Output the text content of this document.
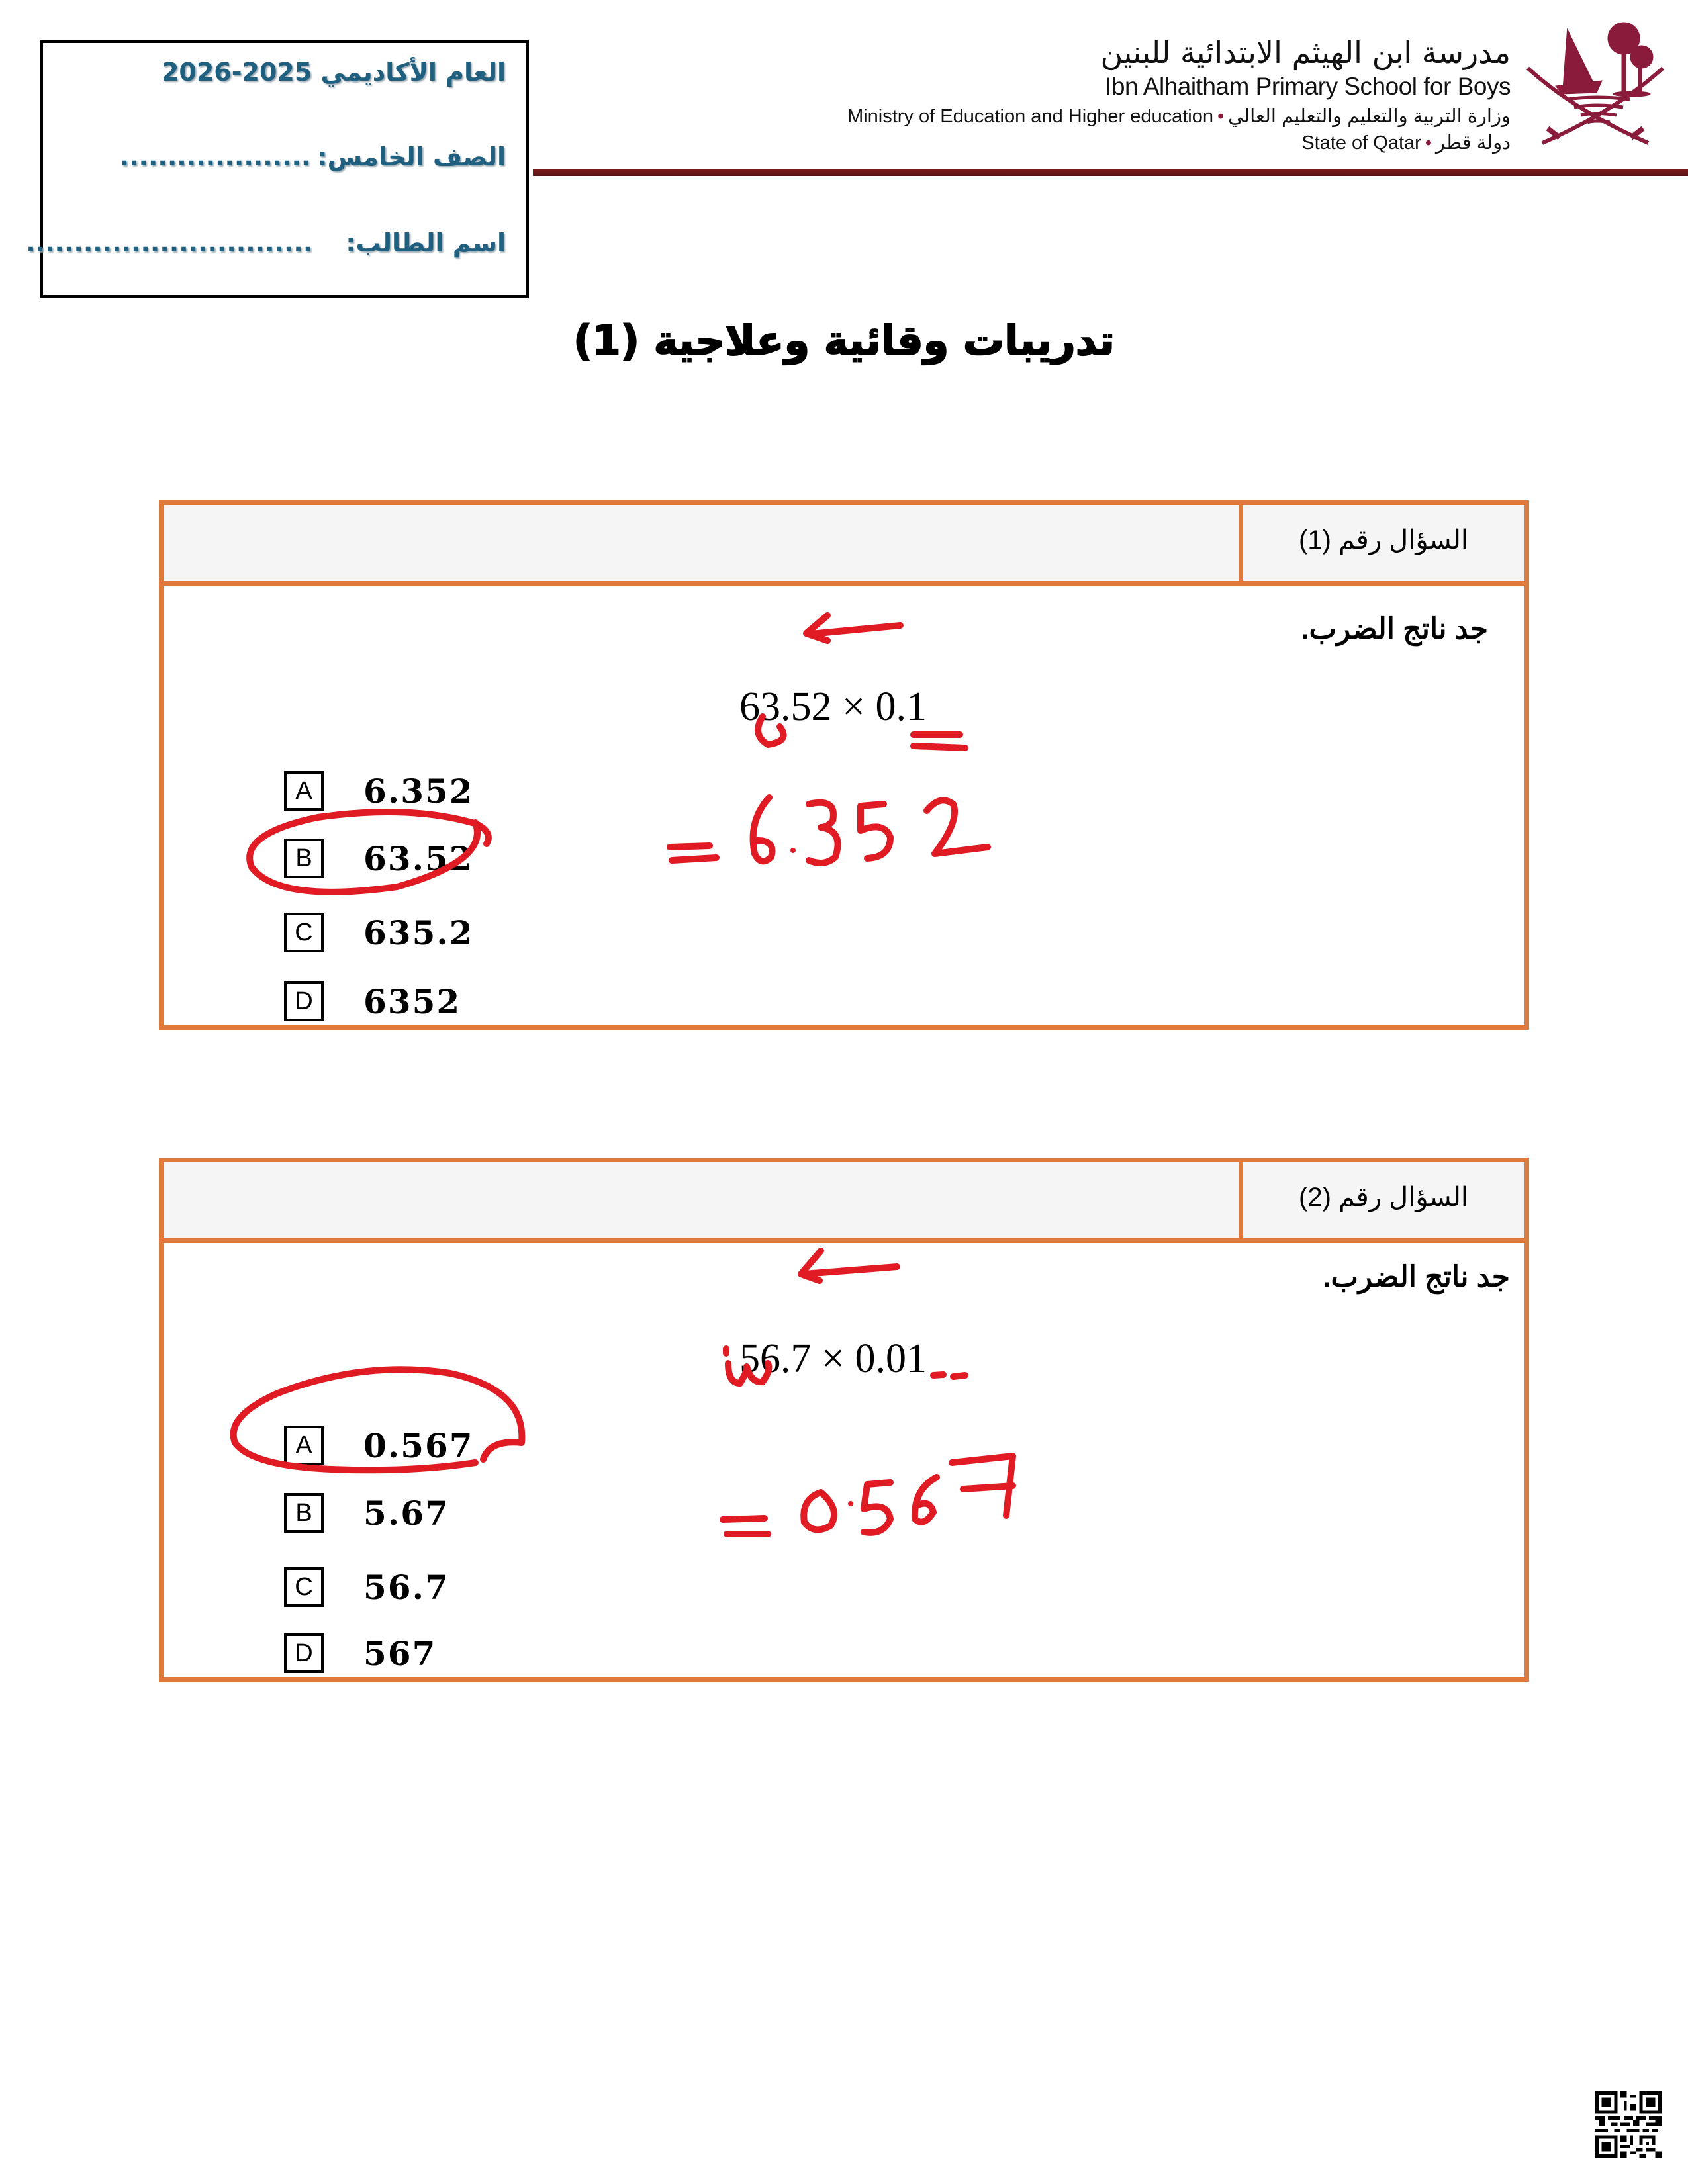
العام الأكاديمي 2025-2026
الصف الخامس:....................
اسم الطالب:..............................
مدرسة ابن الهيثم الابتدائية للبنين
Ibn Alhaitham Primary School for Boys
Ministry of Education and Higher education • وزارة التربية والتعليم والتعليم العالي
State of Qatar • دولة قطر
تدريبات وقائية وعلاجية (1)
السؤال رقم (1)
جد ناتج الضرب.
63.52 × 0.1
A	6.352
B	63.52
C	635.2
D	6352
السؤال رقم (2)
جد ناتج الضرب.
56.7 × 0.01
A	0.567
B	5.67
C	56.7
D	567
